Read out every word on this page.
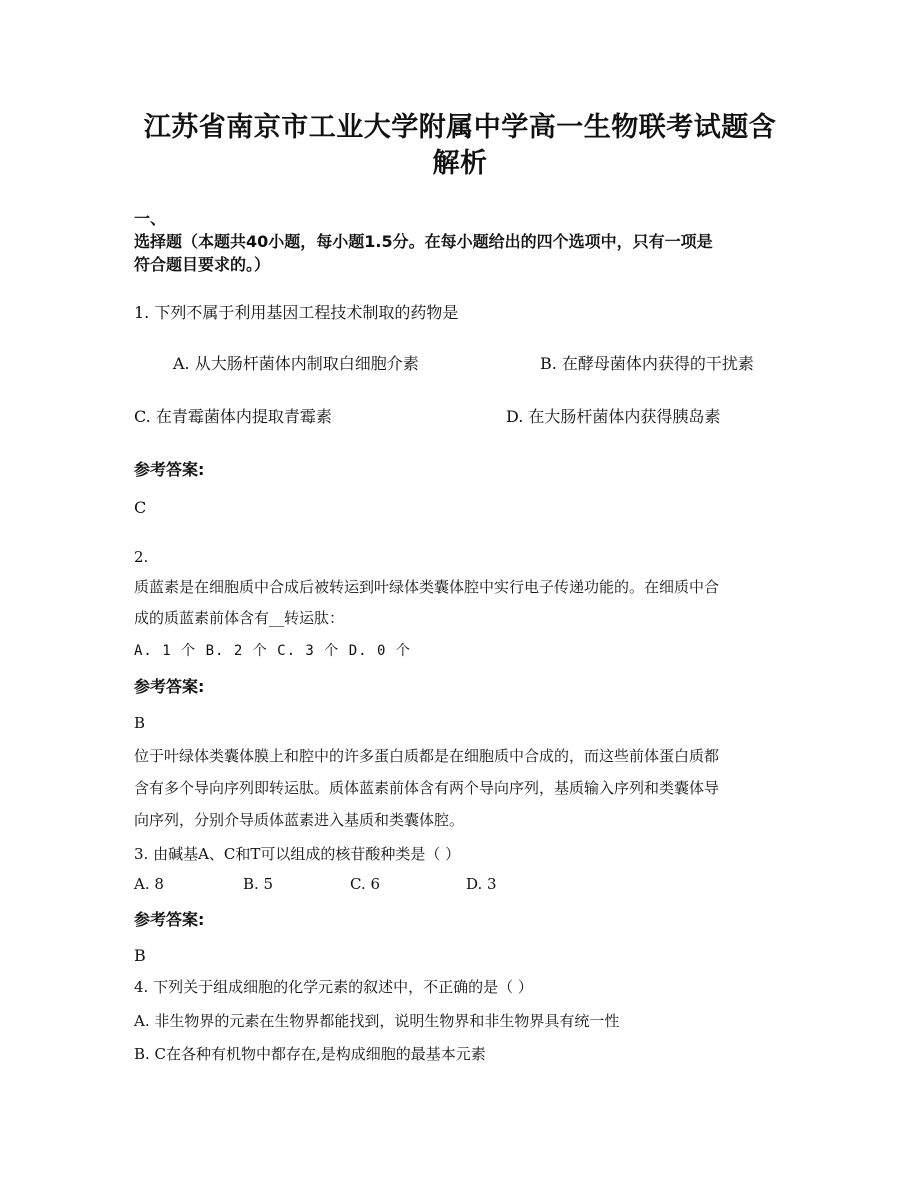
江苏省南京市工业大学附属中学高一生物联考试题含
解析
一、
选择题（本题共40小题，每小题1.5分。在每小题给出的四个选项中，只有一项是
符合题目要求的。）
1. 下列不属于利用基因工程技术制取的药物是
A. 从大肠杆菌体内制取白细胞介素	B. 在酵母菌体内获得的干扰素
C. 在青霉菌体内提取青霉素	D. 在大肠杆菌体内获得胰岛素
参考答案:
C
2.
质蓝素是在细胞质中合成后被转运到叶绿体类囊体腔中实行电子传递功能的。在细质中合
成的质蓝素前体含有__转运肽：
A. 1 个 B. 2 个 C. 3 个 D. 0 个
参考答案:
B
位于叶绿体类囊体膜上和腔中的许多蛋白质都是在细胞质中合成的，而这些前体蛋白质都
含有多个导向序列即转运肽。质体蓝素前体含有两个导向序列，基质输入序列和类囊体导
向序列，分别介导质体蓝素进入基质和类囊体腔。
3. 由碱基A、C和T可以组成的核苷酸种类是（ ）
A. 8	B. 5	C. 6	D. 3
参考答案:
B
4. 下列关于组成细胞的化学元素的叙述中，不正确的是（ ）
A. 非生物界的元素在生物界都能找到，说明生物界和非生物界具有统一性
B. C在各种有机物中都存在,是构成细胞的最基本元素
